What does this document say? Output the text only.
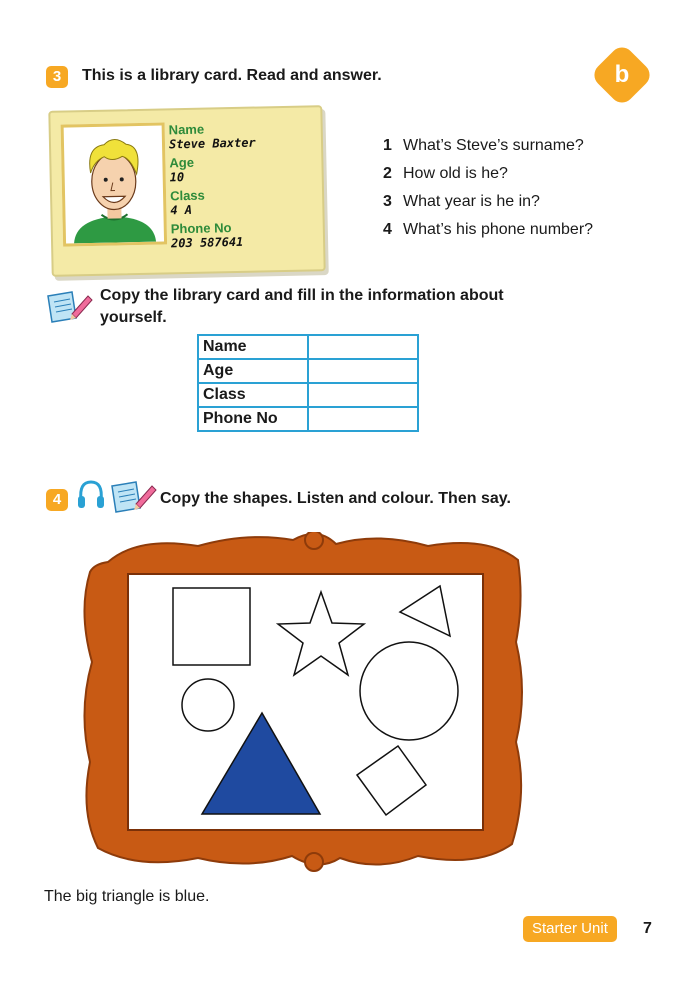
b
3	This is a library card. Read and answer.
Name
Steve Baxter
Age
10
Class
4 A
Phone No
203 587641
1 What’s Steve’s surname?
2 How old is he?
3 What year is he in?
4 What’s his phone number?
Copy the library card and fill in the information about yourself.
Name	
Age	
Class	
Phone No	
4	Copy the shapes. Listen and colour. Then say.
The big triangle is blue.
Starter Unit	7
